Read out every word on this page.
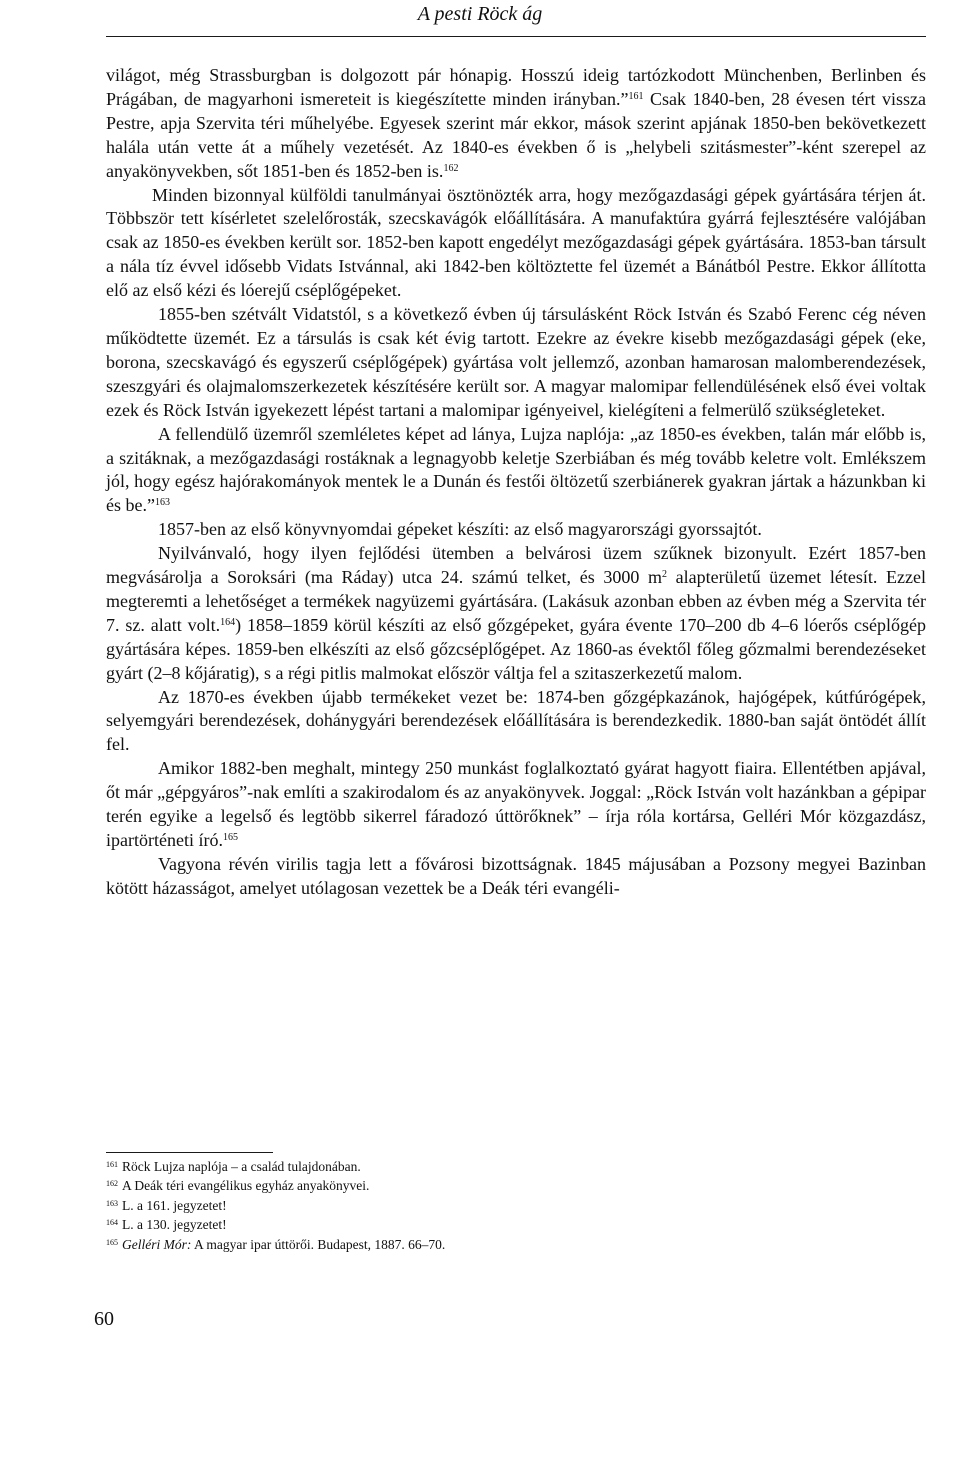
A pesti Röck ág

világot, még Strassburgban is dolgozott pár hónapig. Hosszú ideig tartózkodott Münchenben, Berlinben és Prágában, de magyarhoni ismereteit is kiegészítette minden irányban.”$^{161}$ Csak 1840-ben, 28 évesen tért vissza Pestre, apja Szervita téri műhelyébe. Egyesek szerint már ekkor, mások szerint apjának 1850-ben bekövetkezett halála után vette át a műhely vezetését. Az 1840-es években ő is „helybeli szitásmester”-ként szerepel az anyakönyvekben, sőt 1851-ben és 1852-ben is.$^{162}$

Minden bizonnyal külföldi tanulmányai ösztönözték arra, hogy mezőgazdasági gépek gyártására térjen át. Többször tett kísérletet szelelőrosták, szecskavágók előállítására. A manufaktúra gyárrá fejlesztésére valójában csak az 1850-es években került sor. 1852-ben kapott engedélyt mezőgazdasági gépek gyártására. 1853-ban társult a nála tíz évvel idősebb Vidats Istvánnal, aki 1842-ben költöztette fel üzemét a Bánátból Pestre. Ekkor állította elő az első kézi és lóerejű cséplőgépeket.

1855-ben szétvált Vidatstól, s a következő évben új társulásként Röck István és Szabó Ferenc cég néven működtette üzemét. Ez a társulás is csak két évig tartott. Ezekre az évekre kisebb mezőgazdasági gépek (eke, borona, szecskavágó és egyszerű cséplőgépek) gyártása volt jellemző, azonban hamarosan malomberendezések, szeszgyári és olajmalomszerkezetek készítésére került sor. A magyar malomipar fellendülésének első évei voltak ezek és Röck István igyekezett lépést tartani a malomipar igényeivel, kielégíteni a felmerülő szükségleteket.

A fellendülő üzemről szemléletes képet ad lánya, Lujza naplója: „az 1850-es években, talán már előbb is, a szitáknak, a mezőgazdasági rostáknak a legnagyobb keletje Szerbiában és még tovább keletre volt. Emlékszem jól, hogy egész hajórakományok mentek le a Dunán és festői öltözetű szerbiánerek gyakran jártak a házunkban ki és be.”$^{163}$

1857-ben az első könyvnyomdai gépeket készíti: az első magyarországi gyorssajtót.

Nyilvánvaló, hogy ilyen fejlődési ütemben a belvárosi üzem szűknek bizonyult. Ezért 1857-ben megvásárolja a Soroksári (ma Ráday) utca 24. számú telket, és 3000 $m^2$ alapterületű üzemet létesít. Ezzel megteremti a lehetőséget a termékek nagyüzemi gyártására. (Lakásuk azonban ebben az évben még a Szervita tér 7. sz. alatt volt.$^{164}$) 1858–1859 körül készíti az első gőzgépeket, gyára évente 170–200 db 4–6 lóerős cséplőgép gyártására képes. 1859-ben elkészíti az első gőzcséplőgépet. Az 1860-as évektől főleg gőzmalmi berendezéseket gyárt (2–8 kőjáratig), s a régi pitlis malmokat először váltja fel a szitaszerkezetű malom.

Az 1870-es években újabb termékeket vezet be: 1874-ben gőzgépkazánok, hajógépek, kútfúrógépek, selyemgyári berendezések, dohánygyári berendezések előállítására is berendezkedik. 1880-ban saját öntödét állít fel.

Amikor 1882-ben meghalt, mintegy 250 munkást foglalkoztató gyárat hagyott fiaira. Ellentétben apjával, őt már „gépgyáros”-nak említi a szakirodalom és az anyakönyvek. Joggal: „Röck István volt hazánkban a gépipar terén egyike a legelső és legtöbb sikerrel fáradozó úttörőknek” – írja róla kortársa, Gelléri Mór közgazdász, ipartörténeti író.$^{165}$

Vagyona révén virilis tagja lett a fővárosi bizottságnak. 1845 májusában a Pozsony megyei Bazinban kötött házasságot, amelyet utólagosan vezettek be a Deák téri evangéli-

$^{161}$ Röck Lujza naplója – a család tulajdonában.

$^{162}$ A Deák téri evangélikus egyház anyakönyvei.

$^{163}$ L. a 161. jegyzetet!

$^{164}$ L. a 130. jegyzetet!

$^{165}$ Gelléri Mór: A magyar ipar úttörői. Budapest, 1887. 66–70.

60
